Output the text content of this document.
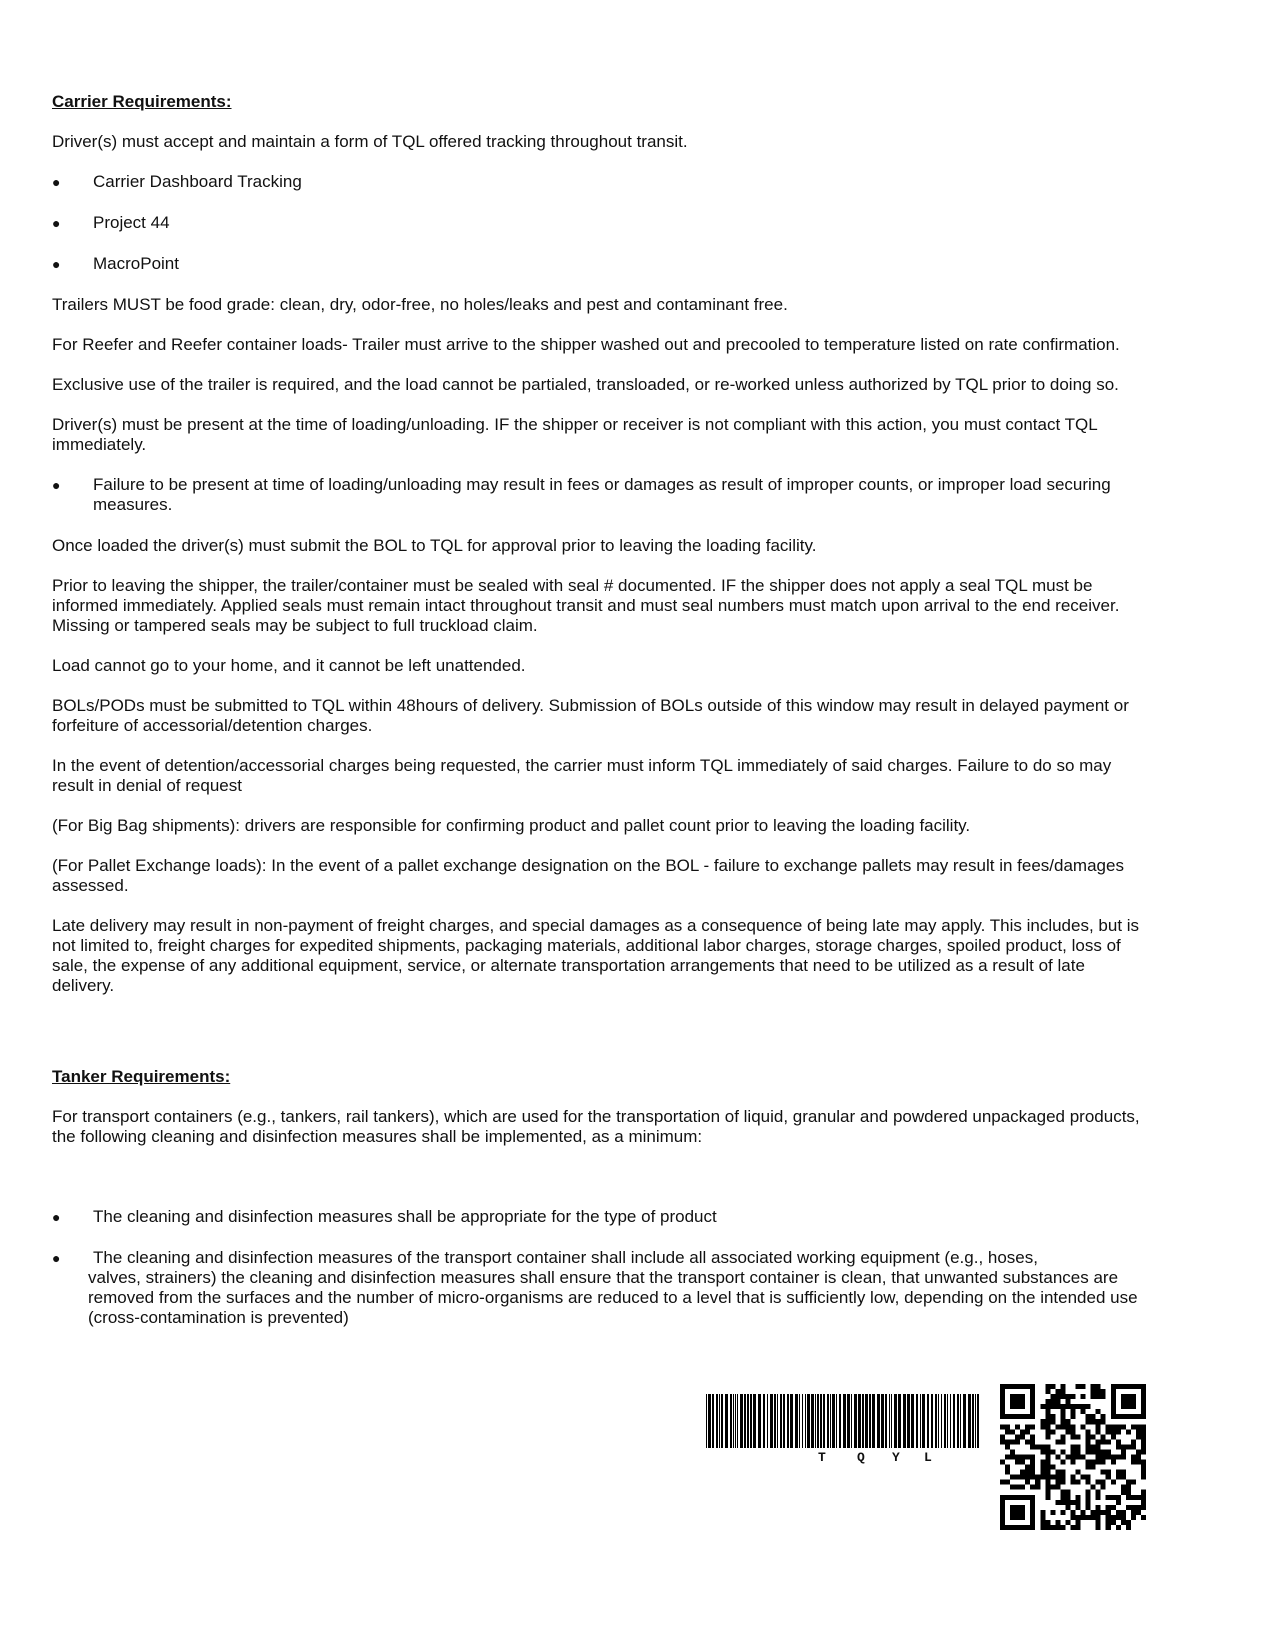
Carrier Requirements:
Driver(s) must accept and maintain a form of TQL offered tracking throughout transit.
● Carrier Dashboard Tracking
● Project 44
● MacroPoint
Trailers MUST be food grade: clean, dry, odor-free, no holes/leaks and pest and contaminant free.
For Reefer and Reefer container loads- Trailer must arrive to the shipper washed out and precooled to temperature listed on rate confirmation.
Exclusive use of the trailer is required, and the load cannot be partialed, transloaded, or re-worked unless authorized by TQL prior to doing so.
Driver(s) must be present at the time of loading/unloading. IF the shipper or receiver is not compliant with this action, you must contact TQL immediately.
● Failure to be present at time of loading/unloading may result in fees or damages as result of improper counts, or improper load securing measures.
Once loaded the driver(s) must submit the BOL to TQL for approval prior to leaving the loading facility.
Prior to leaving the shipper, the trailer/container must be sealed with seal # documented. IF the shipper does not apply a seal TQL must be informed immediately. Applied seals must remain intact throughout transit and must seal numbers must match upon arrival to the end receiver. Missing or tampered seals may be subject to full truckload claim.
Load cannot go to your home, and it cannot be left unattended.
BOLs/PODs must be submitted to TQL within 48hours of delivery. Submission of BOLs outside of this window may result in delayed payment or forfeiture of accessorial/detention charges.
In the event of detention/accessorial charges being requested, the carrier must inform TQL immediately of said charges. Failure to do so may result in denial of request
(For Big Bag shipments): drivers are responsible for confirming product and pallet count prior to leaving the loading facility.
(For Pallet Exchange loads): In the event of a pallet exchange designation on the BOL - failure to exchange pallets may result in fees/damages assessed.
Late delivery may result in non-payment of freight charges, and special damages as a consequence of being late may apply. This includes, but is not limited to, freight charges for expedited shipments, packaging materials, additional labor charges, storage charges, spoiled product, loss of sale, the expense of any additional equipment, service, or alternate transportation arrangements that need to be utilized as a result of late delivery.
Tanker Requirements:
For transport containers (e.g., tankers, rail tankers), which are used for the transportation of liquid, granular and powdered unpackaged products, the following cleaning and disinfection measures shall be implemented, as a minimum:
● The cleaning and disinfection measures shall be appropriate for the type of product
● The cleaning and disinfection measures of the transport container shall include all associated working equipment (e.g., hoses,
valves, strainers) the cleaning and disinfection measures shall ensure that the transport container is clean, that unwanted substances are removed from the surfaces and the number of micro-organisms are reduced to a level that is sufficiently low, depending on the intended use (cross-contamination is prevented)
T Q Y L
